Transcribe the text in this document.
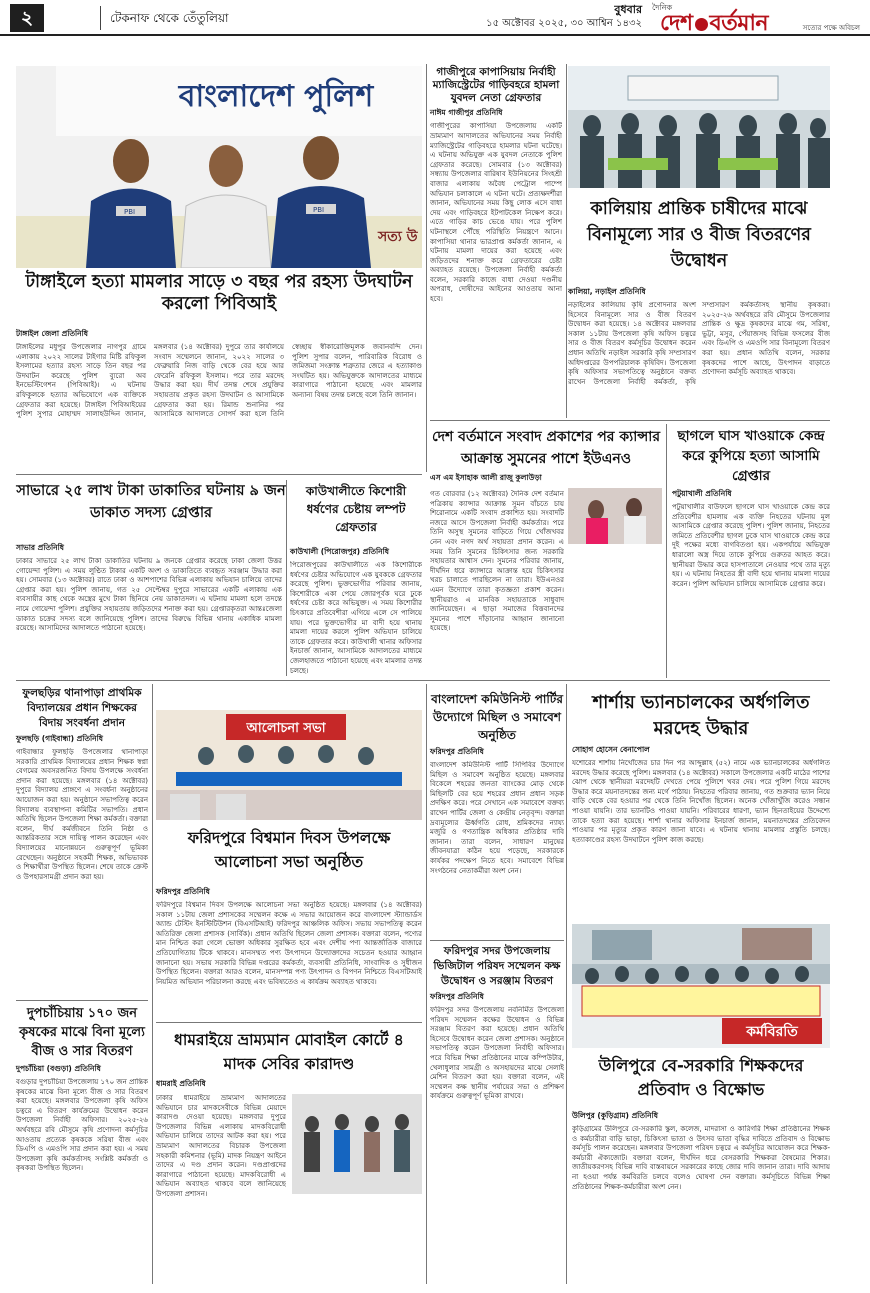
২	টেকনাফ থেকে তেঁতুলিয়া
বুধবার
১৫ অক্টোবর ২০২৫, ৩০ আশ্বিন ১৪৩২
দৈনিক
দেশ বর্তমান	সত্যের পক্ষে অবিচল
বাংলাদেশ পুলিশ
সত্য উ
PBI	PBI
টাঙ্গাইলে হত্যা মামলার সাড়ে ৩ বছর পর রহস্য উদঘাটন করলো পিবিআই
টাঙ্গাইল জেলা প্রতিনিধি
টাঙ্গাইলের মধুপুর উপজেলার নাগপুর গ্রামে এলাকায় ২০২২ সালের টাইগার মিষ্টি রফিকুল ইসলামের হত্যার রহস্য সাড়ে তিন বছর পর উদঘাটন করেছে পুলিশ ব্যুরো অব ইনভেস্টিগেশন (পিবিআই)। এ ঘটনায় রফিকুলকে হত্যার অভিযোগে এক ব্যক্তিকে গ্রেফতার করা হয়েছে। টাঙ্গাইল পিবিআইয়ের পুলিশ সুপার মোহাম্মদ সালাহউদ্দিন জানান, মঙ্গলবার (১৪ অক্টোবর) দুপুরে তার কার্যালয়ে সংবাদ সম্মেলনে জানান, ২০২২ সালের ৩ ফেব্রুয়ারি নিজ বাড়ি থেকে বের হয়ে আর ফেরেনি রফিকুল ইসলাম। পরে তার মরদেহ উদ্ধার করা হয়। দীর্ঘ তদন্ত শেষে প্রযুক্তির সহায়তায় প্রকৃত রহস্য উদঘাটন ও আসামিকে গ্রেফতার করা হয়। রিমান্ড শুনানির পর আসামিকে আদালতে সোপর্দ করা হলে তিনি স্বেচ্ছায় স্বীকারোক্তিমূলক জবানবন্দি দেন। পুলিশ সুপার বলেন, পারিবারিক বিরোধ ও জমিজমা সংক্রান্ত শত্রুতার জেরে এ হত্যাকাণ্ড সংঘটিত হয়। অভিযুক্তকে আদালতের মাধ্যমে কারাগারে পাঠানো হয়েছে এবং মামলার অন্যান্য বিষয় তদন্ত চলছে বলে তিনি জানান।
গাজীপুরে কাপাসিয়ায় নির্বাহী ম্যাজিস্ট্রেটের গাড়িবহরে হামলা যুবদল নেতা গ্রেফতার
নাঈম গাজীপুর প্রতিনিধি
গাজীপুরের কাপাসিয়া উপজেলায় একটি ভ্রাম্যমাণ আদালতের অভিযানের সময় নির্বাহী ম্যাজিস্ট্রেটের গাড়িবহরে হামলার ঘটনা ঘটেছে। এ ঘটনায় অভিযুক্ত এক যুবদল নেতাকে পুলিশ গ্রেফতার করেছে। সোমবার (১৩ অক্টোবর) সন্ধ্যায় উপজেলার বারিষাব ইউনিয়নের সিংহশ্রী বাজার এলাকায় অবৈধ পেট্রোল পাম্পে অভিযান চলাকালে এ ঘটনা ঘটে। প্রত্যক্ষদর্শীরা জানান, অভিযানের সময় কিছু লোক এসে বাধা দেয় এবং গাড়িবহরে ইটপাটকেল নিক্ষেপ করে। এতে গাড়ির কাচ ভেঙে যায়। পরে পুলিশ ঘটনাস্থলে পৌঁছে পরিস্থিতি নিয়ন্ত্রণে আনে। কাপাসিয়া থানার ভারপ্রাপ্ত কর্মকর্তা জানান, এ ঘটনায় মামলা দায়ের করা হয়েছে এবং জড়িতদের শনাক্ত করে গ্রেফতারের চেষ্টা অব্যাহত রয়েছে। উপজেলা নির্বাহী কর্মকর্তা বলেন, সরকারি কাজে বাধা দেওয়া দণ্ডনীয় অপরাধ, দোষীদের আইনের আওতায় আনা হবে।
কালিয়ায় প্রান্তিক চাষীদের মাঝে বিনামূল্যে সার ও বীজ বিতরণের উদ্বোধন
কালিয়া, নড়াইল প্রতিনিধি
নড়াইলের কালিয়ায় কৃষি প্রণোদনার অংশ হিসেবে বিনামূল্যে সার ও বীজ বিতরণ উদ্বোধন করা হয়েছে। ১৪ অক্টোবর মঙ্গলবার সকাল ১১টায় উপজেলা কৃষি অফিস চত্বরে সার ও বীজ বিতরণ কর্মসূচির উদ্বোধন করেন প্রধান অতিথি নড়াইল সরকারি কৃষি সম্প্রসারণ অধিদপ্তরের উপপরিচালক কৃষিবিদ। উপজেলা কৃষি অফিসার সভাপতিত্বে অনুষ্ঠানে বক্তব্য রাখেন উপজেলা নির্বাহী কর্মকর্তা, কৃষি সম্প্রসারণ কর্মকর্তাসহ স্থানীয় কৃষকরা। ২০২৫-২৬ অর্থবছরে রবি মৌসুমে উপজেলার প্রান্তিক ও ক্ষুদ্র কৃষকদের মাঝে গম, সরিষা, ভুট্টা, মসুর, পেঁয়াজসহ বিভিন্ন ফসলের বীজ এবং ডিএপি ও এমওপি সার বিনামূল্যে বিতরণ করা হয়। প্রধান অতিথি বলেন, সরকার কৃষকদের পাশে আছে, উৎপাদন বাড়াতে প্রণোদনা কর্মসূচি অব্যাহত থাকবে।
দেশ বর্তমানে সংবাদ প্রকাশের পর ক্যান্সার আক্রান্ত সুমনের পাশে ইউএনও
এস এম ইসাহাক আলী রাজু কুলাউড়া
গত বোরবার (১২ অক্টোবর) দৈনিক দেশ বর্তমান পত্রিকায় ক্যান্সার আক্রান্ত সুমন বাঁচতে চায় শিরোনামে একটি সংবাদ প্রকাশিত হয়। সংবাদটি নজরে আসে উপজেলা নির্বাহী কর্মকর্তার। পরে তিনি অসুস্থ সুমনের বাড়িতে গিয়ে খোঁজখবর নেন এবং নগদ অর্থ সহায়তা প্রদান করেন। এ সময় তিনি সুমনের চিকিৎসার জন্য সরকারি সহায়তার আশ্বাস দেন। সুমনের পরিবার জানায়, দীর্ঘদিন ধরে ক্যান্সারে আক্রান্ত হয়ে চিকিৎসার খরচ চালাতে পারছিলেন না তারা। ইউএনওর এমন উদ্যোগে তারা কৃতজ্ঞতা প্রকাশ করেন। স্থানীয়রাও এ মানবিক সহায়তাকে সাধুবাদ জানিয়েছেন। এ ছাড়া সমাজের বিত্তবানদের সুমনের পাশে দাঁড়ানোর আহ্বান জানানো হয়েছে।
ছাগলে ঘাস খাওয়াকে কেন্দ্র করে কুপিয়ে হত্যা আসামি গ্রেপ্তার
পটুয়াখালী প্রতিনিধি
পটুয়াখালীর বাউফলে ছাগলে ঘাস খাওয়াকে কেন্দ্র করে প্রতিবেশীর হামলায় এক ব্যক্তি নিহতের ঘটনায় মূল আসামিকে গ্রেপ্তার করেছে পুলিশ। পুলিশ জানায়, নিহতের জমিতে প্রতিবেশীর ছাগল ঢুকে ঘাস খাওয়াকে কেন্দ্র করে দুই পক্ষের মধ্যে বাগবিতণ্ডা হয়। একপর্যায়ে অভিযুক্ত ধারালো অস্ত্র দিয়ে তাকে কুপিয়ে গুরুতর আহত করে। স্থানীয়রা উদ্ধার করে হাসপাতালে নেওয়ার পথে তার মৃত্যু হয়। এ ঘটনায় নিহতের স্ত্রী বাদী হয়ে থানায় মামলা দায়ের করেন। পুলিশ অভিযান চালিয়ে আসামিকে গ্রেপ্তার করে।
সাভারে ২৫ লাখ টাকা ডাকাতির ঘটনায় ৯ জন ডাকাত সদস্য গ্রেপ্তার
কাউখালীতে কিশোরী ধর্ষণের চেষ্টায় লম্পট গ্রেফতার
সাভার প্রতিনিধি
ঢাকার সাভারে ২৫ লাখ টাকা ডাকাতির ঘটনায় ৯ জনকে গ্রেপ্তার করেছে ঢাকা জেলা উত্তর গোয়েন্দা পুলিশ। এ সময় লুণ্ঠিত টাকার একটি অংশ ও ডাকাতিতে ব্যবহৃত সরঞ্জাম উদ্ধার করা হয়। সোমবার (১৩ অক্টোবর) রাতে ঢাকা ও আশপাশের বিভিন্ন এলাকায় অভিযান চালিয়ে তাদের গ্রেপ্তার করা হয়। পুলিশ জানায়, গত ২৫ সেপ্টেম্বর দুপুরে সাভারের একটি এলাকায় এক ব্যবসায়ীর কাছ থেকে অস্ত্রের মুখে টাকা ছিনিয়ে নেয় ডাকাতদল। এ ঘটনায় মামলা হলে তদন্তে নামে গোয়েন্দা পুলিশ। প্রযুক্তির সহায়তায় জড়িতদের শনাক্ত করা হয়। গ্রেপ্তারকৃতরা আন্তঃজেলা ডাকাত চক্রের সদস্য বলে জানিয়েছে পুলিশ। তাদের বিরুদ্ধে বিভিন্ন থানায় একাধিক মামলা রয়েছে। আসামিদের আদালতে পাঠানো হয়েছে।
কাউখালী (পিরোজপুর) প্রতিনিধি
পিরোজপুরের কাউখালীতে এক কিশোরীকে ধর্ষণের চেষ্টার অভিযোগে এক যুবককে গ্রেফতার করেছে পুলিশ। ভুক্তভোগীর পরিবার জানায়, কিশোরীকে একা পেয়ে জোরপূর্বক ঘরে ঢুকে ধর্ষণের চেষ্টা করে অভিযুক্ত। এ সময় কিশোরীর চিৎকারে প্রতিবেশীরা এগিয়ে এলে সে পালিয়ে যায়। পরে ভুক্তভোগীর মা বাদী হয়ে থানায় মামলা দায়ের করলে পুলিশ অভিযান চালিয়ে তাকে গ্রেফতার করে। কাউখালী থানার অফিসার ইনচার্জ জানান, আসামিকে আদালতের মাধ্যমে জেলহাজতে পাঠানো হয়েছে এবং মামলার তদন্ত চলছে।
ফুলছড়ির থানাপাড়া প্রাথমিক বিদ্যালয়ের প্রধান শিক্ষকের বিদায় সংবর্ধনা প্রদান
ফুলছড়ি (গাইবান্ধা) প্রতিনিধি
গাইবান্ধার ফুলছড়ি উপজেলার থানাপাড়া সরকারি প্রাথমিক বিদ্যালয়ের প্রধান শিক্ষক স্বপ্না বেগমের অবসরজনিত বিদায় উপলক্ষে সংবর্ধনা প্রদান করা হয়েছে। মঙ্গলবার (১৪ অক্টোবর) দুপুরে বিদ্যালয় প্রাঙ্গণে এ সংবর্ধনা অনুষ্ঠানের আয়োজন করা হয়। অনুষ্ঠানে সভাপতিত্ব করেন বিদ্যালয় ব্যবস্থাপনা কমিটির সভাপতি। প্রধান অতিথি ছিলেন উপজেলা শিক্ষা কর্মকর্তা। বক্তারা বলেন, দীর্ঘ কর্মজীবনে তিনি নিষ্ঠা ও আন্তরিকতার সঙ্গে দায়িত্ব পালন করেছেন এবং বিদ্যালয়ের মানোন্নয়নে গুরুত্বপূর্ণ ভূমিকা রেখেছেন। অনুষ্ঠানে সহকর্মী শিক্ষক, অভিভাবক ও শিক্ষার্থীরা উপস্থিত ছিলেন। শেষে তাকে ক্রেস্ট ও উপহারসামগ্রী প্রদান করা হয়।
দুপচাঁচিয়ায় ১৭০ জন কৃষকের মাঝে বিনা মূল্যে বীজ ও সার বিতরণ
দুপচাঁচিয়া (বগুড়া) প্রতিনিধি
বগুড়ার দুপচাঁচিয়া উপজেলায় ১৭০ জন প্রান্তিক কৃষকের মাঝে বিনা মূল্যে বীজ ও সার বিতরণ করা হয়েছে। মঙ্গলবার উপজেলা কৃষি অফিস চত্বরে এ বিতরণ কার্যক্রমের উদ্বোধন করেন উপজেলা নির্বাহী অফিসার। ২০২৫-২৬ অর্থবছরে রবি মৌসুমে কৃষি প্রণোদনা কর্মসূচির আওতায় প্রত্যেক কৃষককে সরিষা বীজ এবং ডিএপি ও এমওপি সার প্রদান করা হয়। এ সময় উপজেলা কৃষি কর্মকর্তাসহ সংশ্লিষ্ট কর্মকর্তা ও কৃষকরা উপস্থিত ছিলেন।
আলোচনা সভা
ফরিদপুরে বিশ্বমান দিবস উপলক্ষে আলোচনা সভা অনুষ্ঠিত
ফরিদপুর প্রতিনিধি
ফরিদপুরে বিশ্বমান দিবস উপলক্ষে আলোচনা সভা অনুষ্ঠিত হয়েছে। মঙ্গলবার (১৪ অক্টোবর) সকাল ১১টায় জেলা প্রশাসকের সম্মেলন কক্ষে এ সভার আয়োজন করে বাংলাদেশ স্ট্যান্ডার্ডস অ্যান্ড টেস্টিং ইনস্টিটিউশন (বিএসটিআই) ফরিদপুর আঞ্চলিক অফিস। সভায় সভাপতিত্ব করেন অতিরিক্ত জেলা প্রশাসক (সার্বিক)। প্রধান অতিথি ছিলেন জেলা প্রশাসক। বক্তারা বলেন, পণ্যের মান নিশ্চিত করা গেলে ভোক্তা অধিকার সুরক্ষিত হবে এবং দেশীয় পণ্য আন্তর্জাতিক বাজারে প্রতিযোগিতায় টিকে থাকবে। মানসম্মত পণ্য উৎপাদনে উদ্যোক্তাদের সচেতন হওয়ার আহ্বান জানানো হয়। সভায় সরকারি বিভিন্ন দপ্তরের কর্মকর্তা, ব্যবসায়ী প্রতিনিধি, সাংবাদিক ও সুধীজন উপস্থিত ছিলেন। বক্তারা আরও বলেন, মানসম্পন্ন পণ্য উৎপাদন ও বিপণন নিশ্চিতে বিএসটিআই নিয়মিত অভিযান পরিচালনা করছে এবং ভবিষ্যতেও এ কার্যক্রম অব্যাহত থাকবে।
বাংলাদেশ কমিউনিস্ট পার্টির উদ্যোগে মিছিল ও সমাবেশ অনুষ্ঠিত
ফরিদপুর প্রতিনিধি
বাংলাদেশ কমিউনিস্ট পার্টি সিপিবির উদ্যোগে মিছিল ও সমাবেশ অনুষ্ঠিত হয়েছে। মঙ্গলবার বিকেলে শহরের জনতা ব্যাংকের মোড় থেকে মিছিলটি বের হয়ে শহরের প্রধান প্রধান সড়ক প্রদক্ষিণ করে। পরে সেখানে এক সমাবেশে বক্তব্য রাখেন পার্টির জেলা ও কেন্দ্রীয় নেতৃবৃন্দ। বক্তারা দ্রব্যমূল্যের ঊর্ধ্বগতি রোধ, শ্রমিকদের ন্যায্য মজুরি ও গণতান্ত্রিক অধিকার প্রতিষ্ঠার দাবি জানান। তারা বলেন, সাধারণ মানুষের জীবনযাত্রা কঠিন হয়ে পড়েছে, সরকারকে কার্যকর পদক্ষেপ নিতে হবে। সমাবেশে বিভিন্ন সংগঠনের নেতাকর্মীরা অংশ নেন।
ফরিদপুর সদর উপজেলায় ভিজিটাল পরিষদ সম্মেলন কক্ষ উদ্বোধন ও সরঞ্জাম বিতরণ
ফরিদপুর প্রতিনিধি
ফরিদপুর সদর উপজেলায় নবনির্মিত উপজেলা পরিষদ সম্মেলন কক্ষের উদ্বোধন ও বিভিন্ন সরঞ্জাম বিতরণ করা হয়েছে। প্রধান অতিথি হিসেবে উদ্বোধন করেন জেলা প্রশাসক। অনুষ্ঠানে সভাপতিত্ব করেন উপজেলা নির্বাহী অফিসার। পরে বিভিন্ন শিক্ষা প্রতিষ্ঠানের মাঝে কম্পিউটার, খেলাধুলার সামগ্রী ও অসহায়দের মাঝে সেলাই মেশিন বিতরণ করা হয়। বক্তারা বলেন, এই সম্মেলন কক্ষ স্থানীয় পর্যায়ের সভা ও প্রশিক্ষণ কার্যক্রমে গুরুত্বপূর্ণ ভূমিকা রাখবে।
শার্শায় ভ্যানচালকের অর্ধগলিত মরদেহ উদ্ধার
সোহাগ হোসেন বেনাপোল
যশোরের শার্শায় নিখোঁজের চার দিন পর আব্দুল্লাহ (৫২) নামে এক ভ্যানচালকের অর্ধগলিত মরদেহ উদ্ধার করেছে পুলিশ। মঙ্গলবার (১৪ অক্টোবর) সকালে উপজেলার একটি মাঠের পাশের ঝোপ থেকে স্থানীয়রা মরদেহটি দেখতে পেয়ে পুলিশে খবর দেয়। পরে পুলিশ গিয়ে মরদেহ উদ্ধার করে ময়নাতদন্তের জন্য মর্গে পাঠায়। নিহতের পরিবার জানায়, গত শুক্রবার ভ্যান নিয়ে বাড়ি থেকে বের হওয়ার পর থেকে তিনি নিখোঁজ ছিলেন। অনেক খোঁজাখুঁজি করেও সন্ধান পাওয়া যায়নি। তার ভ্যানটিও পাওয়া যায়নি। পরিবারের ধারণা, ভ্যান ছিনতাইয়ের উদ্দেশ্যে তাকে হত্যা করা হয়েছে। শার্শা থানার অফিসার ইনচার্জ জানান, ময়নাতদন্তের প্রতিবেদন পাওয়ার পর মৃত্যুর প্রকৃত কারণ জানা যাবে। এ ঘটনায় থানায় মামলার প্রস্তুতি চলছে। হত্যাকাণ্ডের রহস্য উদঘাটনে পুলিশ কাজ করছে।
কর্মবিরতি
উলিপুরে বে-সরকারি শিক্ষকদের প্রতিবাদ ও বিক্ষোভ
উলিপুর (কুড়িগ্রাম) প্রতিনিধি
কুড়িগ্রামের উলিপুরে বে-সরকারি স্কুল, কলেজ, মাদরাসা ও কারিগরি শিক্ষা প্রতিষ্ঠানের শিক্ষক ও কর্মচারীরা বাড়ি ভাড়া, চিকিৎসা ভাতা ও উৎসব ভাতা বৃদ্ধির দাবিতে প্রতিবাদ ও বিক্ষোভ কর্মসূচি পালন করেছেন। মঙ্গলবার উপজেলা পরিষদ চত্বরে এ কর্মসূচির আয়োজন করে শিক্ষক-কর্মচারী ঐক্যজোট। বক্তারা বলেন, দীর্ঘদিন ধরে বেসরকারি শিক্ষকরা বৈষম্যের শিকার। জাতীয়করণসহ বিভিন্ন দাবি বাস্তবায়নে সরকারের কাছে জোর দাবি জানান তারা। দাবি আদায় না হওয়া পর্যন্ত কর্মবিরতি চলবে বলেও ঘোষণা দেন বক্তারা। কর্মসূচিতে বিভিন্ন শিক্ষা প্রতিষ্ঠানের শিক্ষক-কর্মচারীরা অংশ নেন।
ধামরাইয়ে ভ্রাম্যমান মোবাইল কোর্টে ৪ মাদক সেবির কারাদণ্ড
ধামরাই প্রতিনিধি
ঢাকার ধামরাইয়ে ভ্রাম্যমাণ আদালতের অভিযানে চার মাদকসেবীকে বিভিন্ন মেয়াদে কারাদণ্ড দেওয়া হয়েছে। মঙ্গলবার দুপুরে উপজেলার বিভিন্ন এলাকায় মাদকবিরোধী অভিযান চালিয়ে তাদের আটক করা হয়। পরে ভ্রাম্যমাণ আদালতের বিচারক উপজেলা সহকারী কমিশনার (ভূমি) মাদক নিয়ন্ত্রণ আইনে তাদের এ দণ্ড প্রদান করেন। দণ্ডপ্রাপ্তদের কারাগারে পাঠানো হয়েছে। মাদকবিরোধী এ অভিযান অব্যাহত থাকবে বলে জানিয়েছে উপজেলা প্রশাসন।
